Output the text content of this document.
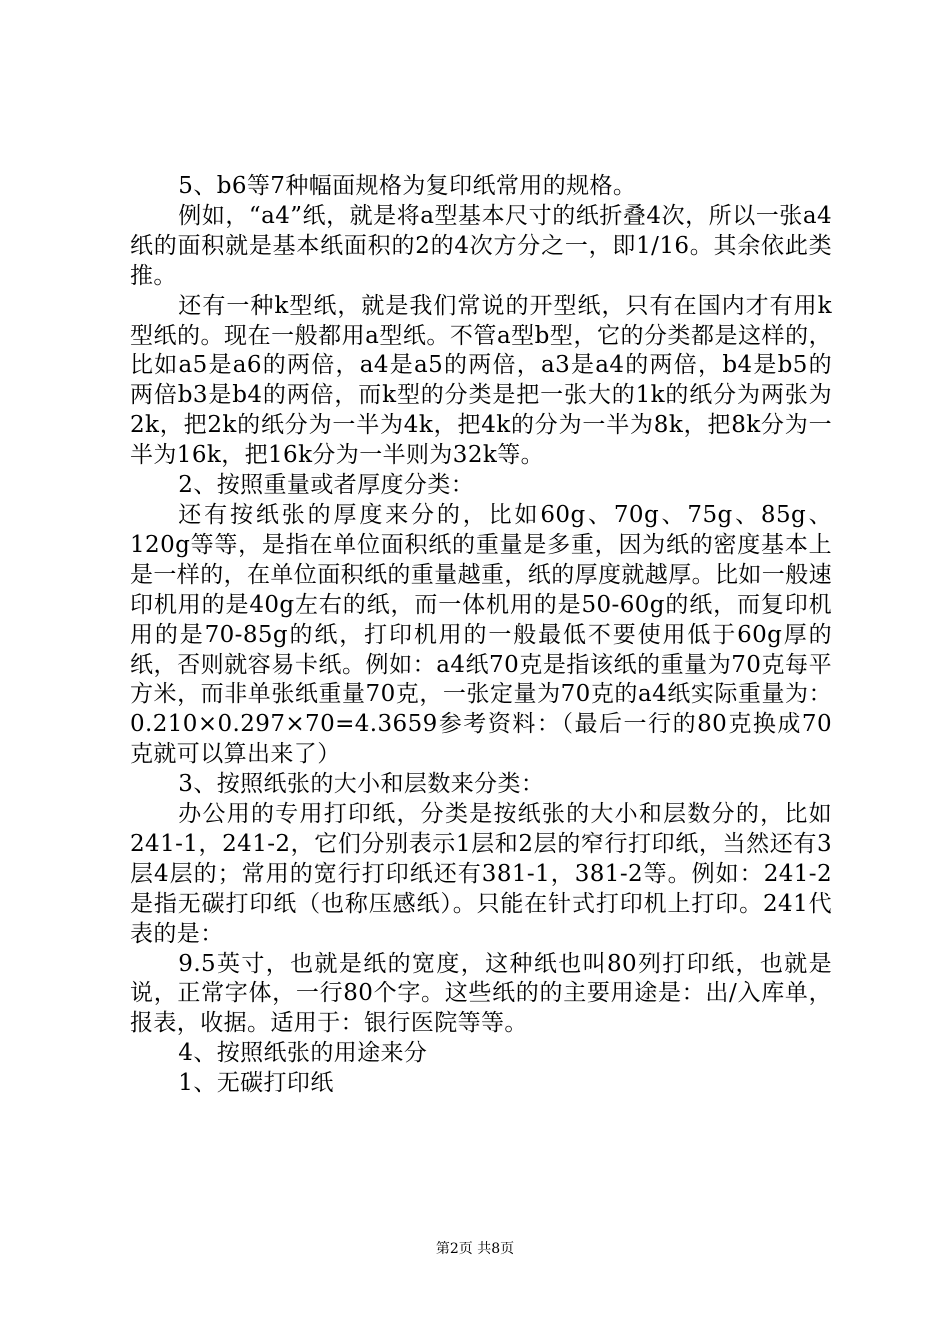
5、b6等7种幅面规格为复印纸常用的规格。

例如，“a4”纸，就是将a型基本尺寸的纸折叠4次，所以一张a4纸的面积就是基本纸面积的2的4次方分之一，即1/16。其余依此类推。

还有一种k型纸，就是我们常说的开型纸，只有在国内才有用k型纸的。现在一般都用a型纸。不管a型b型，它的分类都是这样的，比如a5是a6的两倍，a4是a5的两倍，a3是a4的两倍，b4是b5的两倍b3是b4的两倍，而k型的分类是把一张大的1k的纸分为两张为2k，把2k的纸分为一半为4k，把4k的分为一半为8k，把8k分为一半为16k，把16k分为一半则为32k等。

2、按照重量或者厚度分类：

还有按纸张的厚度来分的，比如60g、70g、75g、85g、120g等等，是指在单位面积纸的重量是多重，因为纸的密度基本上是一样的，在单位面积纸的重量越重，纸的厚度就越厚。比如一般速印机用的是40g左右的纸，而一体机用的是50-60g的纸，而复印机用的是70-85g的纸，打印机用的一般最低不要使用低于60g厚的纸，否则就容易卡纸。例如：a4纸70克是指该纸的重量为70克每平方米，而非单张纸重量70克，一张定量为70克的a4纸实际重量为：0.210×0.297×70=4.3659参考资料：（最后一行的80克换成70克就可以算出来了）

3、按照纸张的大小和层数来分类：

办公用的专用打印纸，分类是按纸张的大小和层数分的，比如241-1，241-2，它们分别表示1层和2层的窄行打印纸，当然还有3层4层的；常用的宽行打印纸还有381-1，381-2等。例如：241-2是指无碳打印纸（也称压感纸）。只能在针式打印机上打印。241代表的是：

9.5英寸，也就是纸的宽度，这种纸也叫80列打印纸，也就是说，正常字体，一行80个字。这些纸的的主要用途是：出/入库单，报表，收据。适用于：银行医院等等。

4、按照纸张的用途来分

1、无碳打印纸

第2页 共8页
